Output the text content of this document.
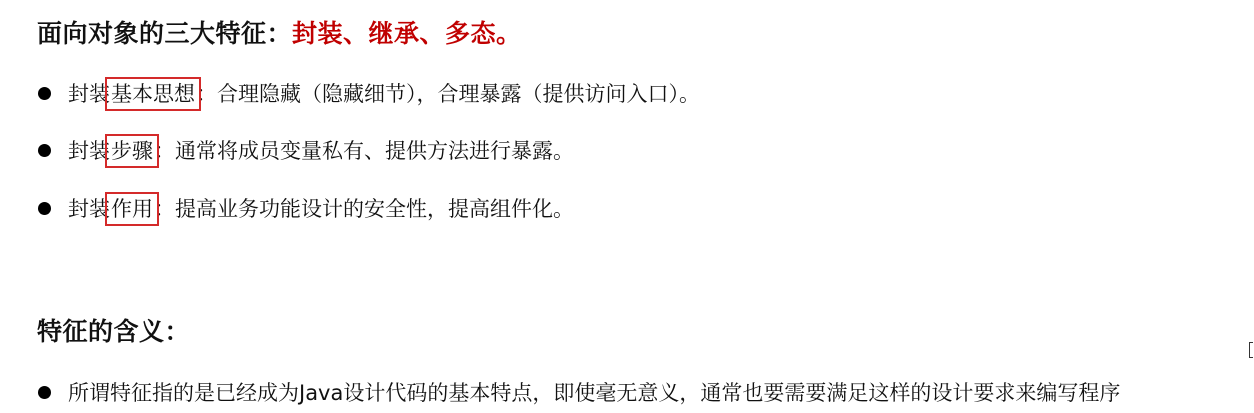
面向对象的三大特征：封装、继承、多态。
封装基本思想：合理隐藏（隐藏细节），合理暴露（提供访问入口）。
封装步骤：通常将成员变量私有、提供方法进行暴露。
封装作用：提高业务功能设计的安全性，提高组件化。
特征的含义：
所谓特征指的是已经成为Java设计代码的基本特点，即使毫无意义，通常也要需要满足这样的设计要求来编写程序
